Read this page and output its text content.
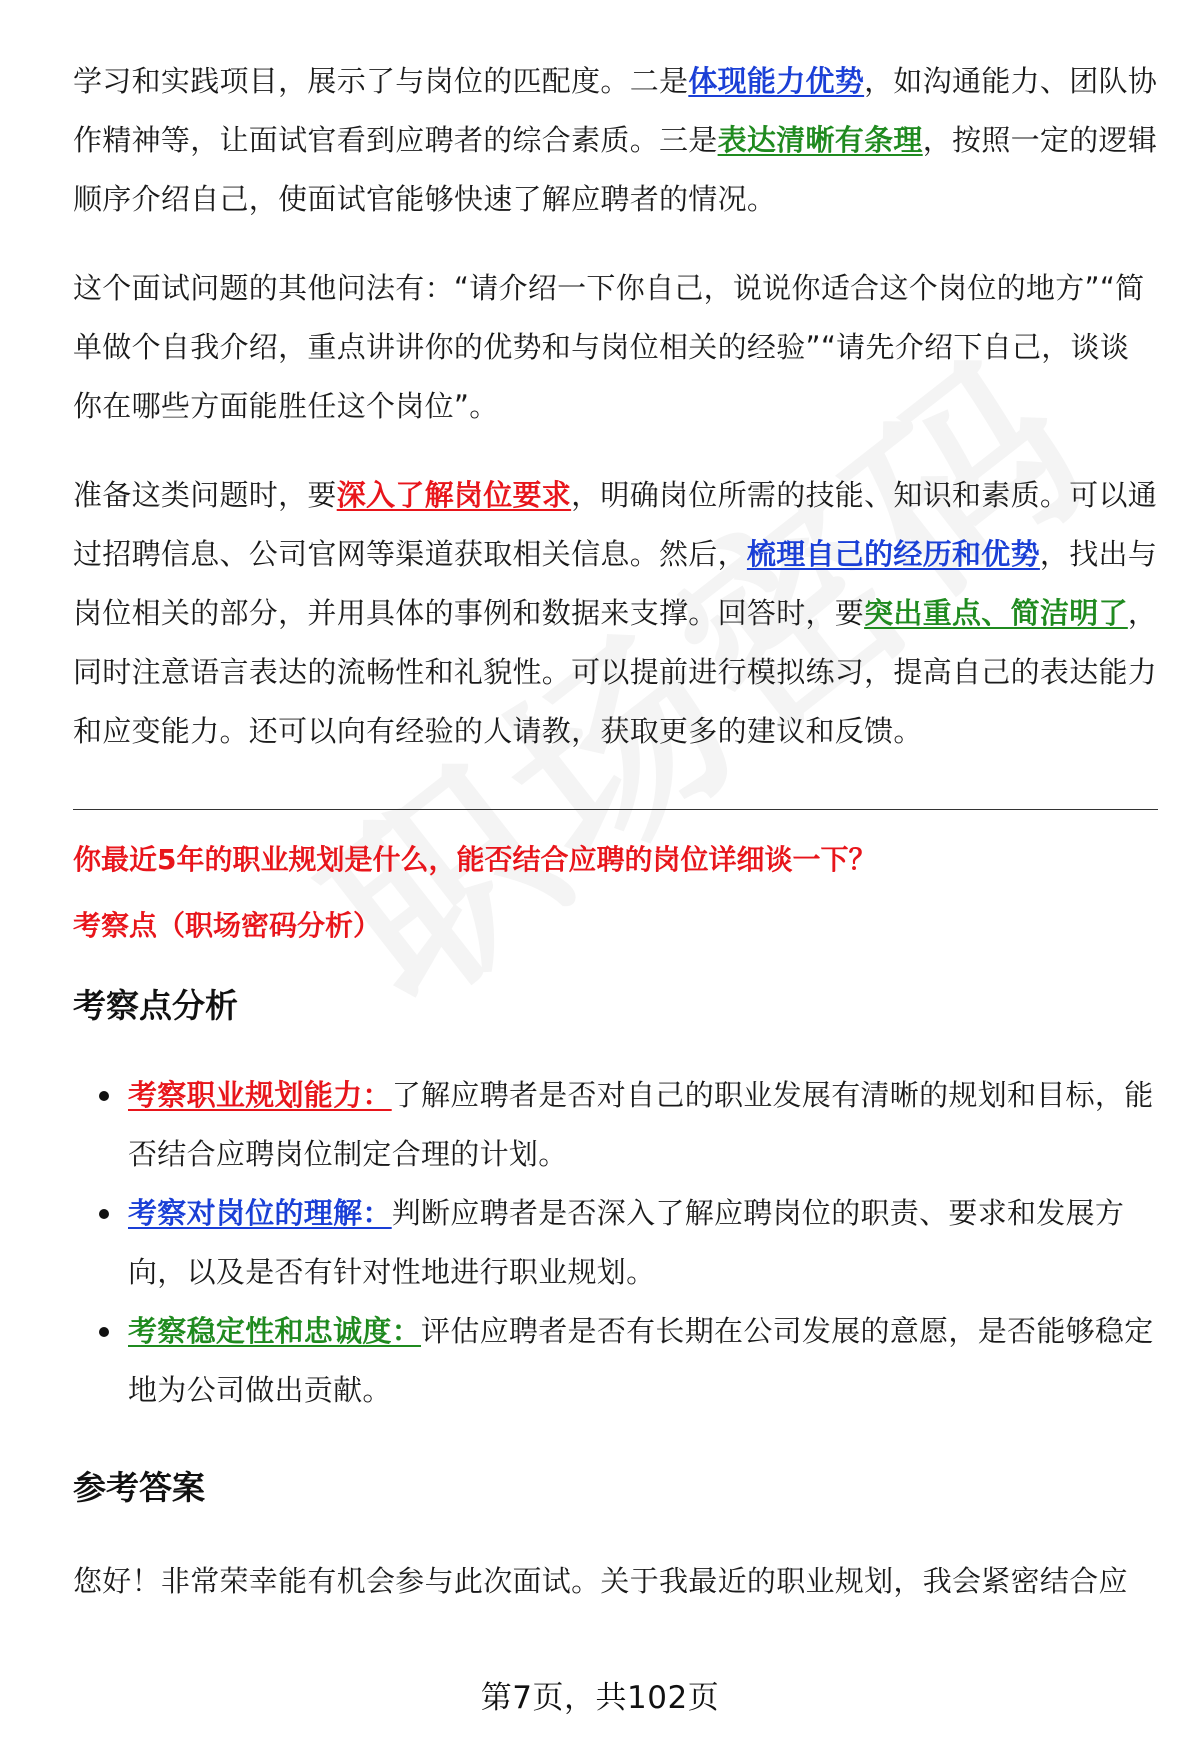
学习和实践项目，展示了与岗位的匹配度。二是体现能力优势，如沟通能力、团队协作精神等，让面试官看到应聘者的综合素质。三是表达清晰有条理，按照一定的逻辑顺序介绍自己，使面试官能够快速了解应聘者的情况。

这个面试问题的其他问法有：“请介绍一下你自己，说说你适合这个岗位的地方”“简单做个自我介绍，重点讲讲你的优势和与岗位相关的经验”“请先介绍下自己，谈谈你在哪些方面能胜任这个岗位”。

准备这类问题时，要深入了解岗位要求，明确岗位所需的技能、知识和素质。可以通过招聘信息、公司官网等渠道获取相关信息。然后，梳理自己的经历和优势，找出与岗位相关的部分，并用具体的事例和数据来支撑。回答时，要突出重点、简洁明了，同时注意语言表达的流畅性和礼貌性。可以提前进行模拟练习，提高自己的表达能力和应变能力。还可以向有经验的人请教，获取更多的建议和反馈。

你最近5年的职业规划是什么，能否结合应聘的岗位详细谈一下？
考察点（职场密码分析）
考察点分析
考察职业规划能力：了解应聘者是否对自己的职业发展有清晰的规划和目标，能否结合应聘岗位制定合理的计划。
考察对岗位的理解：判断应聘者是否深入了解应聘岗位的职责、要求和发展方向，以及是否有针对性地进行职业规划。
考察稳定性和忠诚度：评估应聘者是否有长期在公司发展的意愿，是否能够稳定地为公司做出贡献。
参考答案

您好！非常荣幸能有机会参与此次面试。关于我最近的职业规划，我会紧密结合应

第7页，共102页
